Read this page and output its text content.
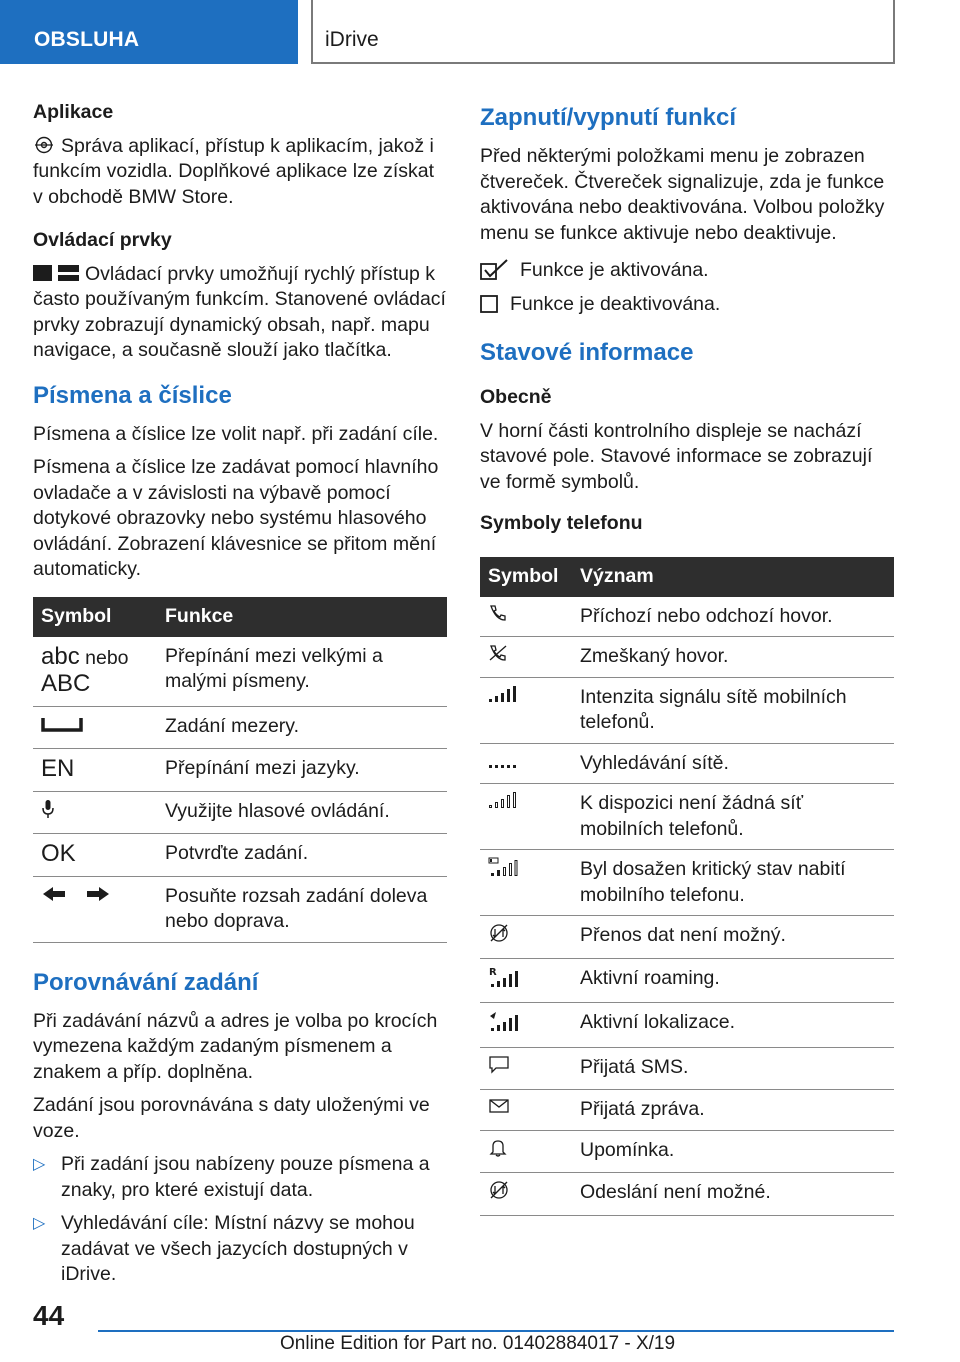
OBSLUHA	iDrive
Aplikace

Správa aplikací, přístup k aplikacím, jakož i funkcím vozidla. Doplňkové aplikace lze získat v obchodě BMW Store.

Ovládací prvky

Ovládací prvky umožňují rychlý přístup k často používaným funkcím. Stanovené ovládací prvky zobrazují dynamický obsah, např. mapu navigace, a současně slouží jako tlačítka.

Písmena a číslice

Písmena a číslice lze volit např. při zadání cíle.

Písmena a číslice lze zadávat pomocí hlavního ovladače a v závislosti na výbavě pomocí dotykové obrazovky nebo systému hlasového ovládání. Zobrazení klávesnice se přitom mění automaticky.

Symbol	Funkce
abc nebo
ABC	Přepínání mezi velkými a malými písmeny.
	Zadání mezery.
EN	Přepínání mezi jazyky.
	Využijte hlasové ovládání.
OK	Potvrďte zadání.
	Posuňte rozsah zadání doleva nebo doprava.
Porovnávání zadání

Při zadávání názvů a adres je volba po krocích vymezena každým zadaným písmenem a znakem a příp. doplněna.

Zadání jsou porovnávána s daty uloženými ve voze.

▷ Při zadání jsou nabízeny pouze písmena a znaky, pro které existují data.
▷ Vyhledávání cíle: Místní názvy se mohou zadávat ve všech jazycích dostupných v iDrive.
Zapnutí/vypnutí funkcí

Před některými položkami menu je zobrazen čtvereček. Čtvereček signalizuje, zda je funkce aktivována nebo deaktivována. Volbou položky menu se funkce aktivuje nebo deaktivuje.

Funkce je aktivována.
Funkce je deaktivována.
Stavové informace
Obecně

V horní části kontrolního displeje se nachází stavové pole. Stavové informace se zobrazují ve formě symbolů.

Symboly telefonu
Symbol	Význam
	Příchozí nebo odchozí hovor.
	Zmeškaný hovor.
	Intenzita signálu sítě mobilních telefonů.
	Vyhledávání sítě.
	K dispozici není žádná síť mobilních telefonů.
	Byl dosažen kritický stav nabití mobilního telefonu.
	Přenos dat není možný.

R	Aktivní roaming.
	Aktivní lokalizace.
	Přijatá SMS.
	Přijatá zpráva.
	Upomínka.
	Odeslání není možné.
44
Online Edition for Part no. 01402884017 - X/19
